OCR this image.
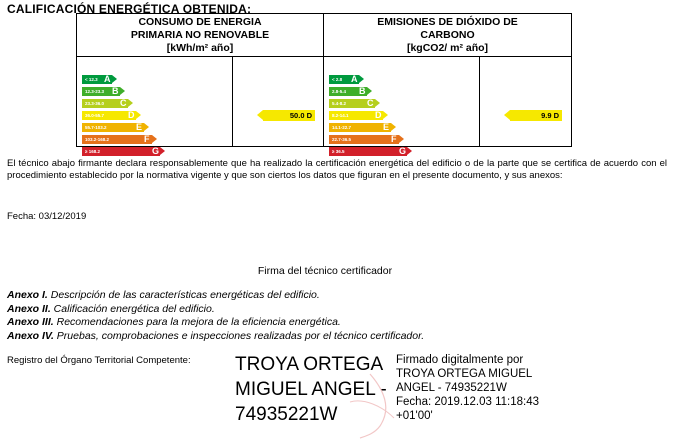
CALIFICACIÓN ENERGÉTICA OBTENIDA:
CONSUMO DE ENERGIA
PRIMARIA NO RENOVABLE
[kWh/m² año]
< 12.3 A
12.3-23.3 B
23.3-36.0 C
36.0-55.7	D
55.7-103.2	E
103.2-168.2	F
≥ 168.2	G
50.0 D
EMISIONES DE DIÓXIDO DE
CARBONO
[kgCO2/ m² año]
< 2.8 A
2.8-5.4 B
5.4-8.2 C
8.2-14.1	D
14.1-22.7	E
22.7-36.5	F
≥ 36.5	G
9.9 D
El técnico abajo firmante declara responsablemente que ha realizado la certificación energética del edificio o de la parte que se certifica de acuerdo con el procedimiento establecido por la normativa vigente y que son ciertos los datos que figuran en el presente documento, y sus anexos:
Fecha: 03/12/2019
Firma del técnico certificador
Anexo I. Descripción de las características energéticas del edificio.
Anexo II. Calificación energética del edificio.
Anexo III. Recomendaciones para la mejora de la eficiencia energética.
Anexo IV. Pruebas, comprobaciones e inspecciones realizadas por el técnico certificador.
Registro del Órgano Territorial Competente: TROYA ORTEGA
MIGUEL ANGEL -
74935221W
Firmado digitalmente por
TROYA ORTEGA MIGUEL
ANGEL - 74935221W
Fecha: 2019.12.03 11:18:43
+01'00'
